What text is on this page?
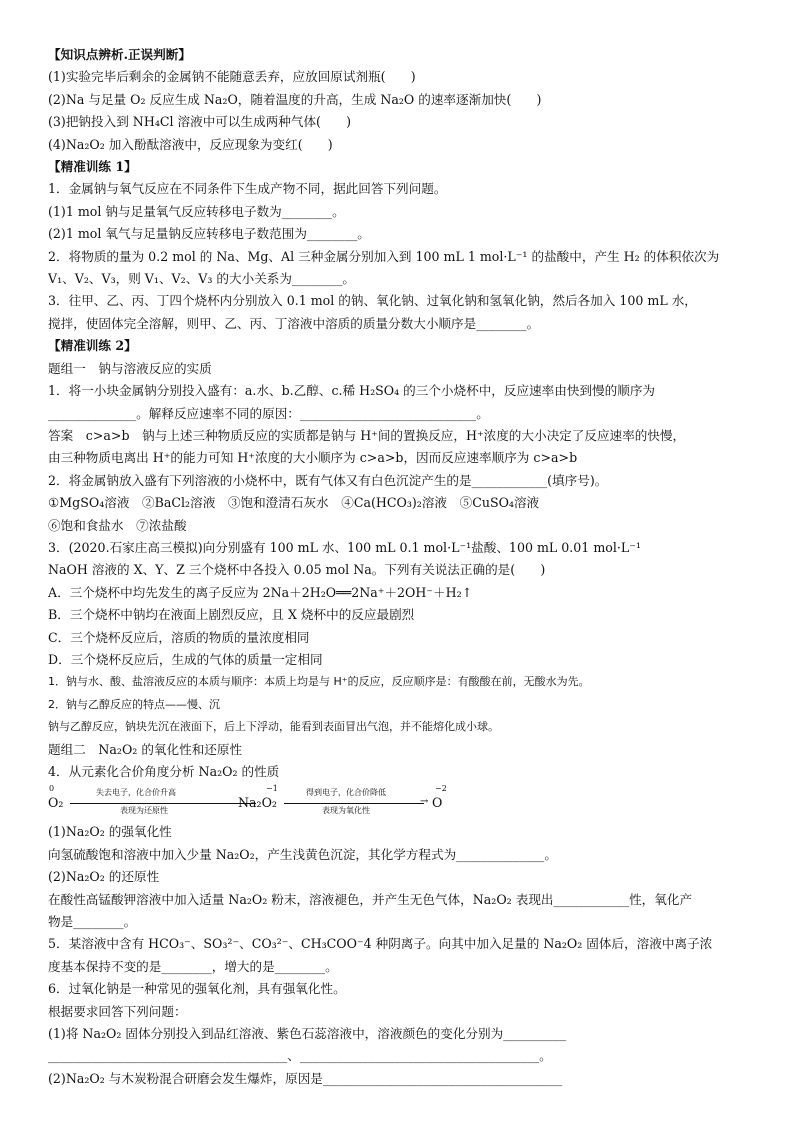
【知识点辨析.正误判断】
(1)实验完毕后剩余的金属钠不能随意丢弃，应放回原试剂瓶(　　)
(2)Na 与足量 O₂ 反应生成 Na₂O，随着温度的升高，生成 Na₂O 的速率逐渐加快(　　)
(3)把钠投入到 NH₄Cl 溶液中可以生成两种气体(　　)
(4)Na₂O₂ 加入酚酞溶液中，反应现象为变红(　　)
【精准训练 1】
1．金属钠与氧气反应在不同条件下生成产物不同，据此回答下列问题。
(1)1 mol 钠与足量氧气反应转移电子数为________。
(2)1 mol 氧气与足量钠反应转移电子数范围为________。
2．将物质的量为 0.2 mol 的 Na、Mg、Al 三种金属分别加入到 100 mL 1 mol·L⁻¹ 的盐酸中，产生 H₂ 的体积依次为
V₁、V₂、V₃，则 V₁、V₂、V₃ 的大小关系为________。
3．往甲、乙、丙、丁四个烧杯内分别放入 0.1 mol 的钠、氧化钠、过氧化钠和氢氧化钠，然后各加入 100 mL 水，
搅拌，使固体完全溶解，则甲、乙、丙、丁溶液中溶质的质量分数大小顺序是________。
【精准训练 2】
题组一　钠与溶液反应的实质
1．将一小块金属钠分别投入盛有：a.水、b.乙醇、c.稀 H₂SO₄ 的三个小烧杯中，反应速率由快到慢的顺序为
______________。解释反应速率不同的原因：____________________________。
答案　c>a>b　钠与上述三种物质反应的实质都是钠与 H⁺间的置换反应，H⁺浓度的大小决定了反应速率的快慢，
由三种物质电离出 H⁺的能力可知 H⁺浓度的大小顺序为 c>a>b，因而反应速率顺序为 c>a>b
2．将金属钠放入盛有下列溶液的小烧杯中，既有气体又有白色沉淀产生的是____________(填序号)。
①MgSO₄溶液　②BaCl₂溶液　③饱和澄清石灰水　④Ca(HCO₃)₂溶液　⑤CuSO₄溶液
⑥饱和食盐水　⑦浓盐酸
3．(2020.石家庄高三模拟)向分别盛有 100 mL 水、100 mL 0.1 mol·L⁻¹盐酸、100 mL 0.01 mol·L⁻¹
NaOH 溶液的 X、Y、Z 三个烧杯中各投入 0.05 mol Na。下列有关说法正确的是(　　)
A．三个烧杯中均先发生的离子反应为 2Na＋2H₂O══2Na⁺＋2OH⁻＋H₂↑
B．三个烧杯中钠均在液面上剧烈反应，且 X 烧杯中的反应最剧烈
C．三个烧杯反应后，溶质的物质的量浓度相同
D．三个烧杯反应后，生成的气体的质量一定相同
1．钠与水、酸、盐溶液反应的本质与顺序：本质上均是与 H⁺的反应，反应顺序是：有酸酸在前，无酸水为先。
2．钠与乙醇反应的特点——慢、沉
钠与乙醇反应，钠块先沉在液面下，后上下浮动，能看到表面冒出气泡，并不能熔化成小球。
题组二　Na₂O₂ 的氧化性和还原性
4．从元素化合价角度分析 Na₂O₂ 的性质
0
O₂
失去电子，化合价升高
表现为还原性
−1
Na₂O₂
得到电子，化合价降低
→
表现为氧化性
−2
O
(1)Na₂O₂ 的强氧化性
向氢硫酸饱和溶液中加入少量 Na₂O₂，产生浅黄色沉淀，其化学方程式为______________。
(2)Na₂O₂ 的还原性
在酸性高锰酸钾溶液中加入适量 Na₂O₂ 粉末，溶液褪色，并产生无色气体，Na₂O₂ 表现出____________性，氧化产
物是________。
5．某溶液中含有 HCO₃⁻、SO₃²⁻、CO₃²⁻、CH₃COO⁻4 种阴离子。向其中加入足量的 Na₂O₂ 固体后，溶液中离子浓
度基本保持不变的是________，增大的是________。
6．过氧化钠是一种常见的强氧化剂，具有强氧化性。
根据要求回答下列问题：
(1)将 Na₂O₂ 固体分别投入到品红溶液、紫色石蕊溶液中，溶液颜色的变化分别为__________
______________________________________、______________________________________。
(2)Na₂O₂ 与木炭粉混合研磨会发生爆炸，原因是______________________________________
